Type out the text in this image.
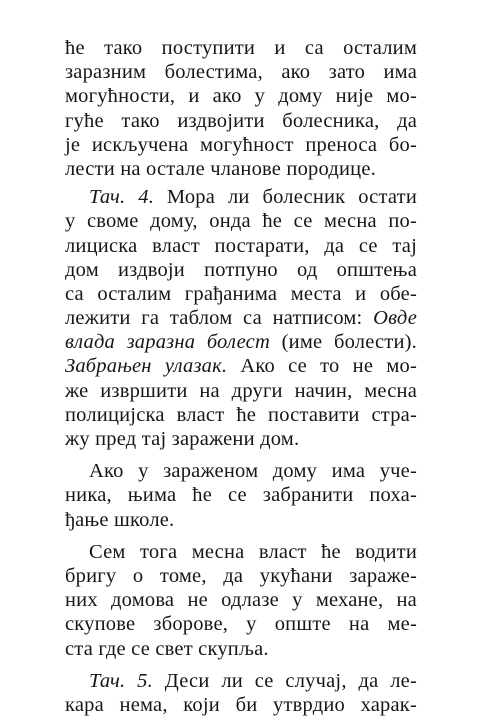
ће тако поступити и са осталим
заразним болестима, ако зато има
могућности, и ако у дому није мо-
гуће тако издвојити болесника, да
је искључена могућност преноса бо-
лести на остале чланове породице.
Тач. 4. Мора ли болесник остати
у своме дому, онда ће се месна по-
лициска власт постарати, да се тај
дом издвоји потпуно од општења
са осталим грађанима места и обе-
лежити га таблом са натписом: Овде
влада заразна болест (име болести).
Забрањен улазак. Ако се то не мо-
же извршити на други начин, месна
полицијска власт ће поставити стра-
жу пред тај заражени дом.
Ако у зараженом дому има уче-
ника, њима ће се забранити поха-
ђање школе.
Сем тога месна власт ће водити
бригу о томе, да укућани зараже-
них домова не одлазе у механе, на
скупове зборове, у опште на ме-
ста где се свет скупља.
Тач. 5. Деси ли се случај, да ле-
кара нема, који би утврдио харак-
